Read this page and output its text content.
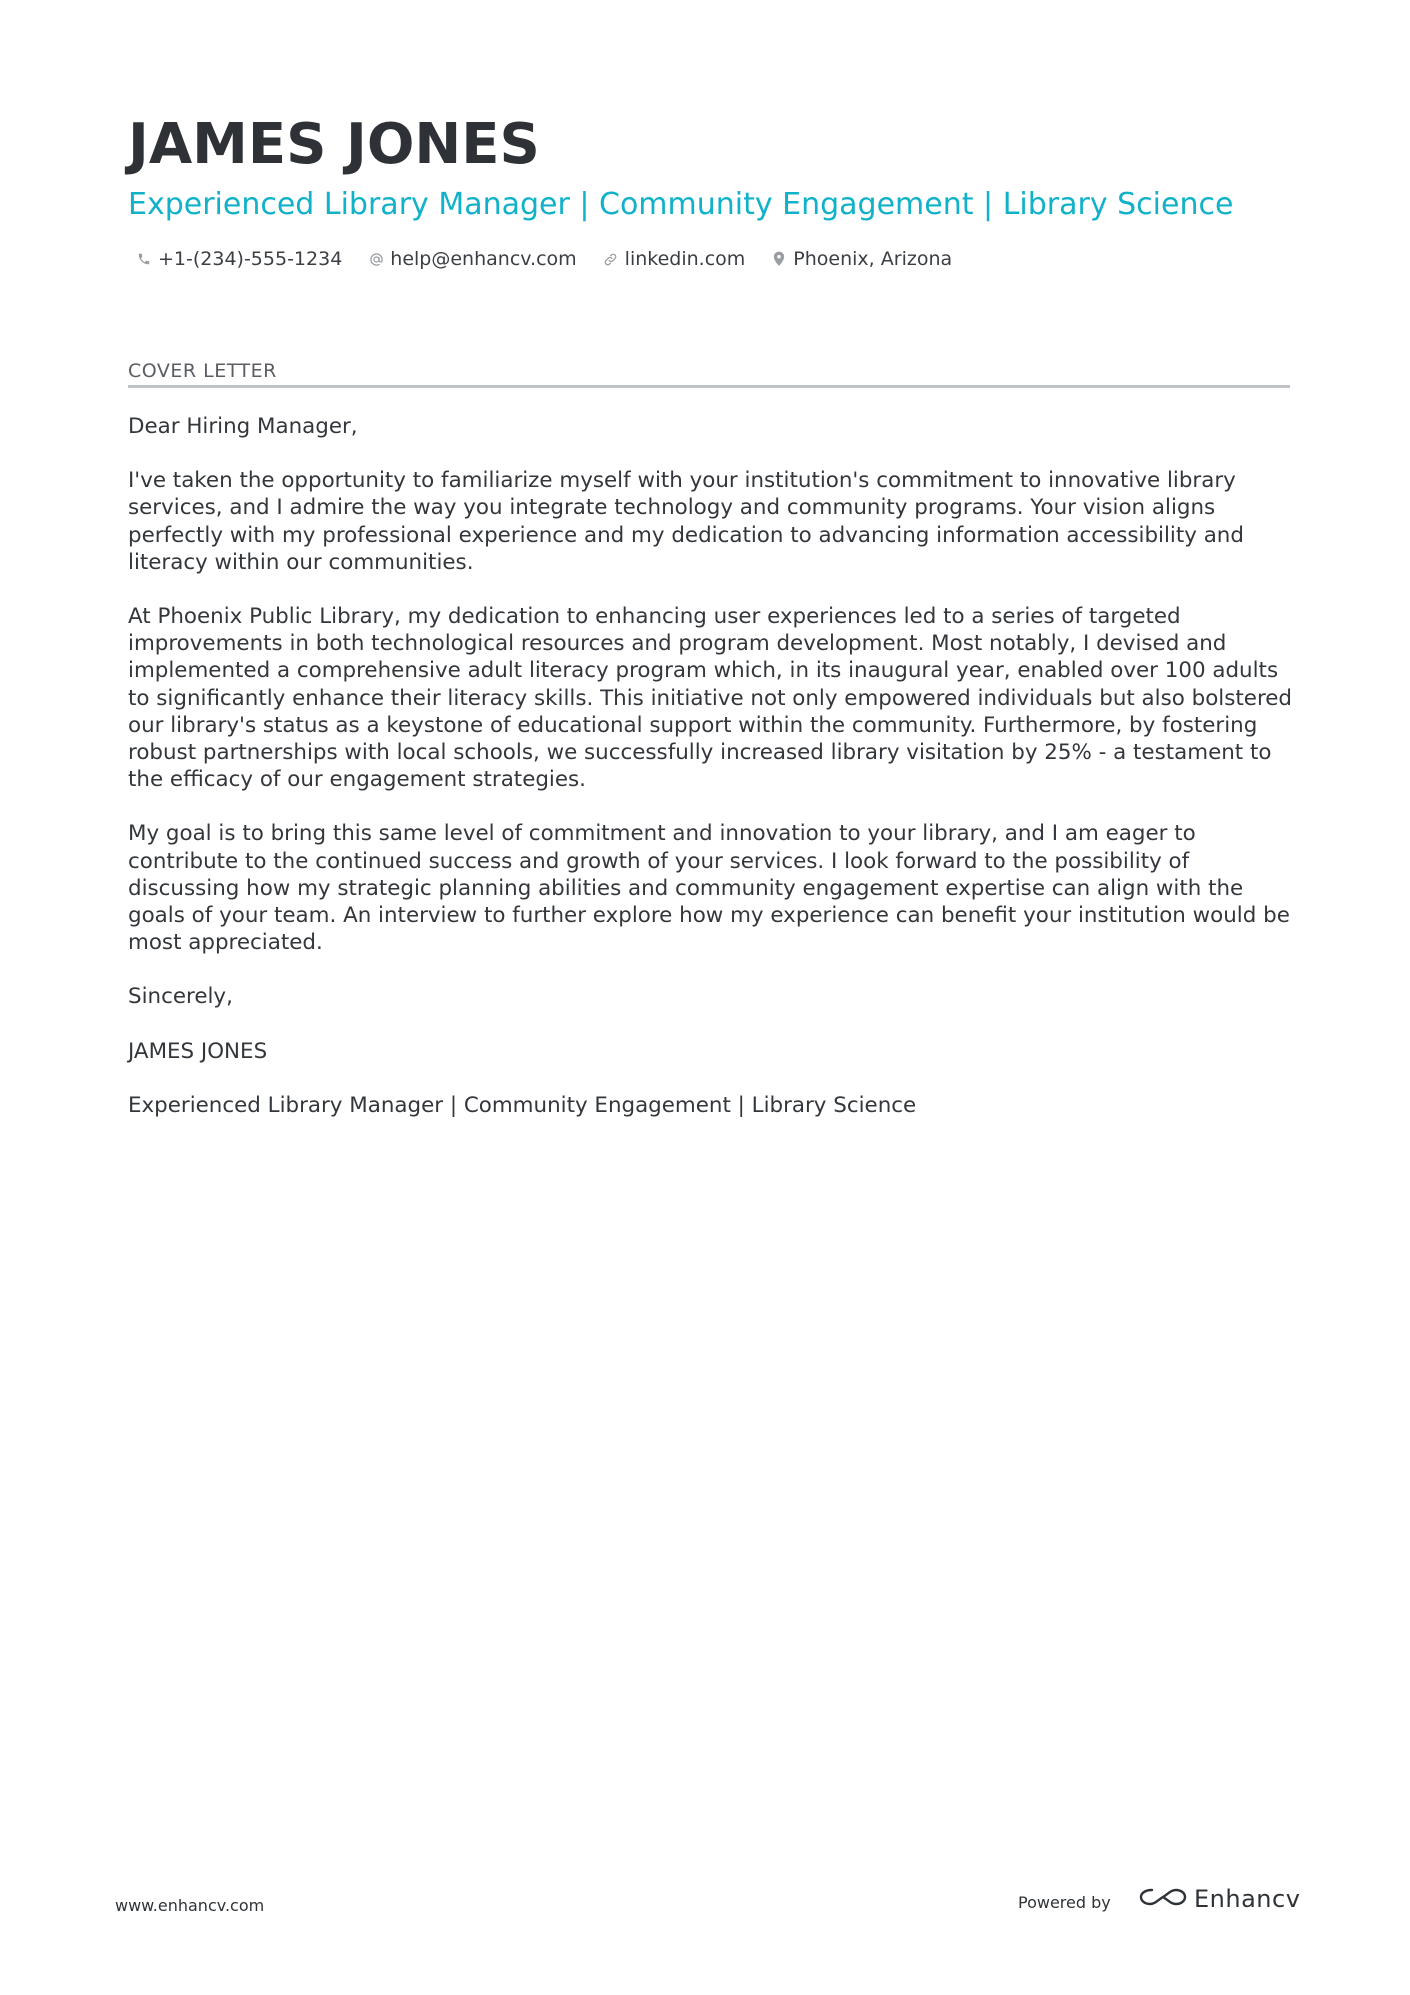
JAMES JONES
Experienced Library Manager | Community Engagement | Library Science
+1-(234)-555-1234	help@enhancv.com	linkedin.com	Phoenix, Arizona
COVER LETTER

Dear Hiring Manager,

I've taken the opportunity to familiarize myself with your institution's commitment to innovative library services, and I admire the way you integrate technology and community programs. Your vision aligns perfectly with my professional experience and my dedication to advancing information accessibility and literacy within our communities.

At Phoenix Public Library, my dedication to enhancing user experiences led to a series of targeted improvements in both technological resources and program development. Most notably, I devised and implemented a comprehensive adult literacy program which, in its inaugural year, enabled over 100 adults to significantly enhance their literacy skills. This initiative not only empowered individuals but also bolstered our library's status as a keystone of educational support within the community. Furthermore, by fostering robust partnerships with local schools, we successfully increased library visitation by 25% - a testament to the efficacy of our engagement strategies.

My goal is to bring this same level of commitment and innovation to your library, and I am eager to contribute to the continued success and growth of your services. I look forward to the possibility of discussing how my strategic planning abilities and community engagement expertise can align with the goals of your team. An interview to further explore how my experience can benefit your institution would be most appreciated.

Sincerely,

JAMES JONES

Experienced Library Manager | Community Engagement | Library Science

www.enhancv.com	Powered by	Enhancv
